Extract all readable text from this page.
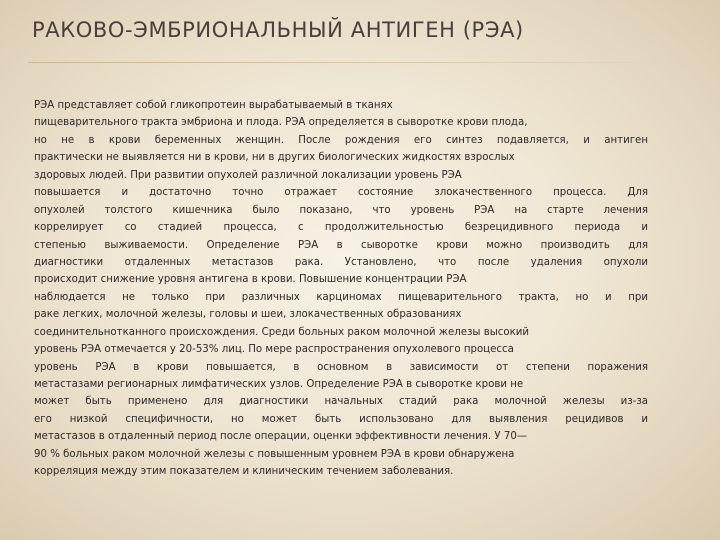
РАКОВО-ЭМБРИОНАЛЬНЫЙ АНТИГЕН (РЭА)
РЭА представляет собой гликопротеин вырабатываемый в тканях
пищеварительного тракта эмбриона и плода. РЭА определяется в сыворотке крови плода,
но не в крови беременных женщин. После рождения его синтез подавляется, и антиген
практически не выявляется ни в крови, ни в других биологических жидкостях взрослых
здоровых людей. При развитии опухолей различной локализации уровень РЭА
повышается и достаточно точно отражает состояние злокачественного процесса. Для
опухолей толстого кишечника было показано, что уровень РЭА на старте лечения
коррелирует со стадией процесса, с продолжительностью безрецидивного периода и
степенью выживаемости. Определение РЭА в сыворотке крови можно производить для
диагностики отдаленных метастазов рака. Установлено, что после удаления опухоли
происходит снижение уровня антигена в крови. Повышение концентрации РЭА
наблюдается не только при различных карциномах пищеварительного тракта, но и при
раке легких, молочной железы, головы и шеи, злокачественных образованиях
соединительнотканного происхождения. Среди больных раком молочной железы высокий
уровень РЭА отмечается у 20-53% лиц. По мере распространения опухолевого процесса
уровень РЭА в крови повышается, в основном в зависимости от степени поражения
метастазами регионарных лимфатических узлов. Определение РЭА в сыворотке крови не
может быть применено для диагностики начальных стадий рака молочной железы из-за
его низкой специфичности, но может быть использовано для выявления рецидивов и
метастазов в отдаленный период после операции, оценки эффективности лечения. У 70—
90 % больных раком молочной железы с повышенным уровнем РЭА в крови обнаружена
корреляция между этим показателем и клиническим течением заболевания.
